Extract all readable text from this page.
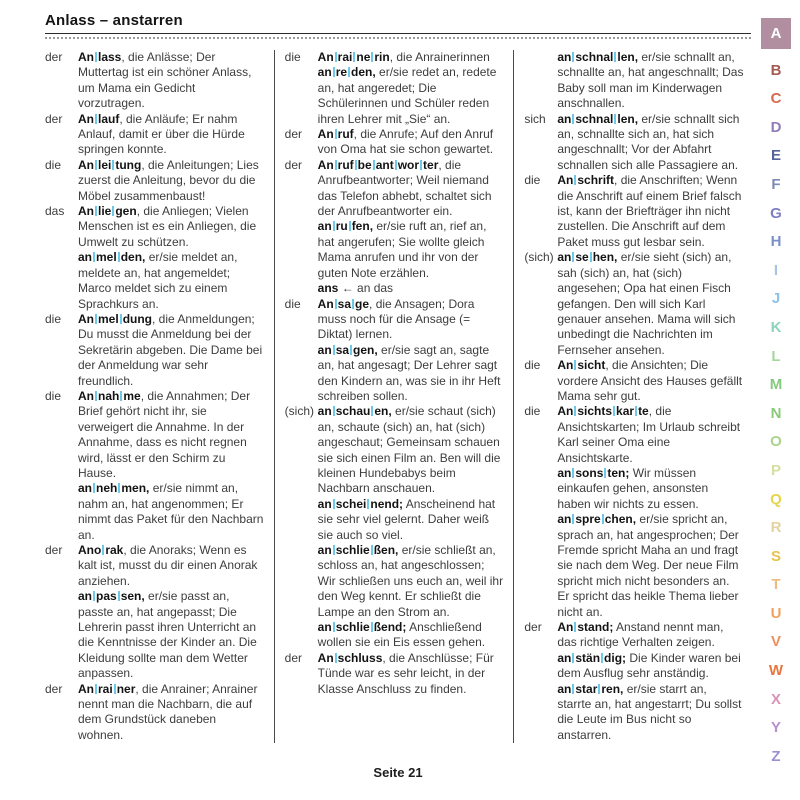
Anlass – anstarren
der An lass, die Anlässe; Der Muttertag ist ein schöner Anlass, um Mama ein Gedicht vorzutragen.
der An lauf, die Anläufe; Er nahm Anlauf, damit er über die Hürde springen konnte.
die An lei tung, die Anleitungen; Lies zuerst die Anleitung, bevor du die Möbel zusammenbaust!
das An lie gen, die Anliegen; Vielen Menschen ist es ein Anliegen, die Umwelt zu schützen.
an mel den, er/sie meldet an, meldete an, hat angemeldet; Marco meldet sich zu einem Sprachkurs an.
die An mel dung, die Anmeldungen; Du musst die Anmeldung bei der Sekretärin abgeben. Die Dame bei der Anmeldung war sehr freundlich.
die An nah me, die Annahmen; Der Brief gehört nicht ihr, sie verweigert die Annahme. In der Annahme, dass es nicht regnen wird, lässt er den Schirm zu Hause.
an neh men, er/sie nimmt an, nahm an, hat angenommen; Er nimmt das Paket für den Nachbarn an.
der Ano rak, die Anoraks; Wenn es kalt ist, musst du dir einen Anorak anziehen.
an pas sen, er/sie passt an, passte an, hat angepasst; Die Lehrerin passt ihren Unterricht an die Kenntnisse der Kinder an. Die Kleidung sollte man dem Wetter anpassen.
der An rai ner, die Anrainer; Anrainer nennt man die Nachbarn, die auf dem Grundstück daneben wohnen.
die An rai ne rin, die Anrainerinnen
an re den, er/sie redet an, redete an, hat angeredet; Die Schülerinnen und Schüler reden ihren Lehrer mit „Sie“ an.
der An ruf, die Anrufe; Auf den Anruf von Oma hat sie schon gewartet.
der An ruf be ant wor ter, die Anrufbeantworter; Weil niemand das Telefon abhebt, schaltet sich der Anrufbeantworter ein.
an ru fen, er/sie ruft an, rief an, hat angerufen; Sie wollte gleich Mama anrufen und ihr von der guten Note erzählen.
ans ← an das
die An sa ge, die Ansagen; Dora muss noch für die Ansage (= Diktat) lernen.
an sa gen, er/sie sagt an, sagte an, hat angesagt; Der Lehrer sagt den Kindern an, was sie in ihr Heft schreiben sollen.
(sich) an schau en, er/sie schaut (sich) an, schaute (sich) an, hat (sich) angeschaut; Gemeinsam schauen sie sich einen Film an. Ben will die kleinen Hundebabys beim Nachbarn anschauen.
an schei nend; Anscheinend hat sie sehr viel gelernt. Daher weiß sie auch so viel.
an schlie ßen, er/sie schließt an, schloss an, hat angeschlossen; Wir schließen uns euch an, weil ihr den Weg kennt. Er schließt die Lampe an den Strom an.
an schlie ßend; Anschließend wollen sie ein Eis essen gehen.
der An schluss, die Anschlüsse; Für Tünde war es sehr leicht, in der Klasse Anschluss zu finden.
an schnal len, er/sie schnallt an, schnallte an, hat angeschnallt; Das Baby soll man im Kinderwagen anschnallen.
sich an schnal len, er/sie schnallt sich an, schnallte sich an, hat sich angeschnallt; Vor der Abfahrt schnallen sich alle Passagiere an.
die An schrift, die Anschriften; Wenn die Anschrift auf einem Brief falsch ist, kann der Briefträger ihn nicht zustellen. Die Anschrift auf dem Paket muss gut lesbar sein.
(sich) an se hen, er/sie sieht (sich) an, sah (sich) an, hat (sich) angesehen; Opa hat einen Fisch gefangen. Den will sich Karl genauer ansehen. Mama will sich unbedingt die Nachrichten im Fernseher ansehen.
die An sicht, die Ansichten; Die vordere Ansicht des Hauses gefällt Mama sehr gut.
die An sichts kar te, die Ansichtskarten; Im Urlaub schreibt Karl seiner Oma eine Ansichtskarte.
an sons ten; Wir müssen einkaufen gehen, ansonsten haben wir nichts zu essen.
an spre chen, er/sie spricht an, sprach an, hat angesprochen; Der Fremde spricht Maha an und fragt sie nach dem Weg. Der neue Film spricht mich nicht besonders an. Er spricht das heikle Thema lieber nicht an.
der An stand; Anstand nennt man, das richtige Verhalten zeigen.
an stän dig; Die Kinder waren bei dem Ausflug sehr anständig.
an star ren, er/sie starrt an, starrte an, hat angestarrt; Du sollst die Leute im Bus nicht so anstarren.
A
B
C
D
E
F
G
H
I
J
K
L
M
N
O
P
Q
R
S
T
U
V
W
X
Y
Z
Seite 21
